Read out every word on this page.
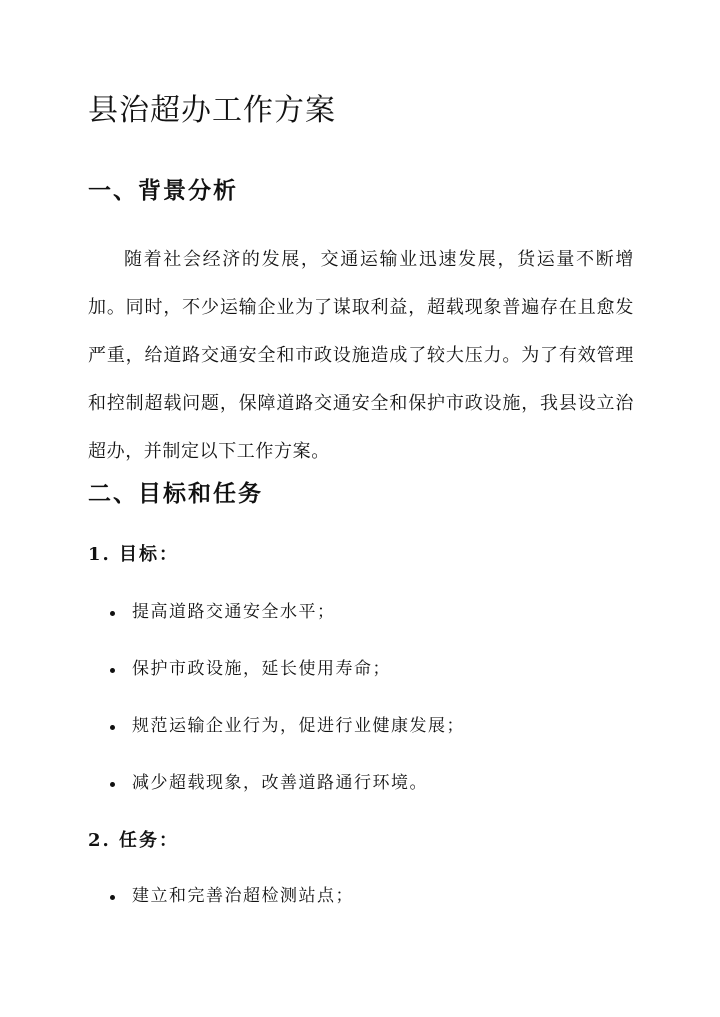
县治超办工作方案
一、背景分析

随着社会经济的发展，交通运输业迅速发展，货运量不断增加。同时，不少运输企业为了谋取利益，超载现象普遍存在且愈发严重，给道路交通安全和市政设施造成了较大压力。为了有效管理和控制超载问题，保障道路交通安全和保护市政设施，我县设立治超办，并制定以下工作方案。

二、目标和任务
1. 目标：
提高道路交通安全水平；
保护市政设施，延长使用寿命；
规范运输企业行为，促进行业健康发展；
减少超载现象，改善道路通行环境。
2. 任务：
建立和完善治超检测站点；
